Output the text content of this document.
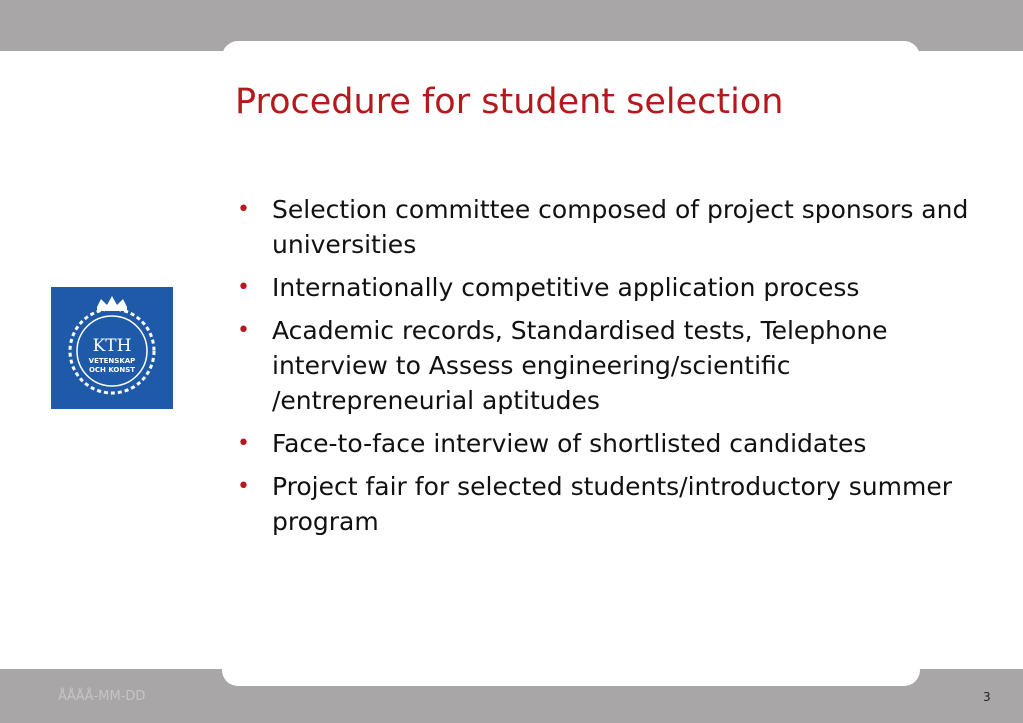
Procedure for student selection
• Selection committee composed of project sponsors and universities
• Internationally competitive application process
• Academic records, Standardised tests, Telephone interview to Assess engineering/scientific /entrepreneurial aptitudes
• Face-to-face interview of shortlisted candidates
• Project fair for selected students/introductory summer program
KTH
VETENSKAP
OCH KONST
ÅÅÅÅ-MM-DD	3
